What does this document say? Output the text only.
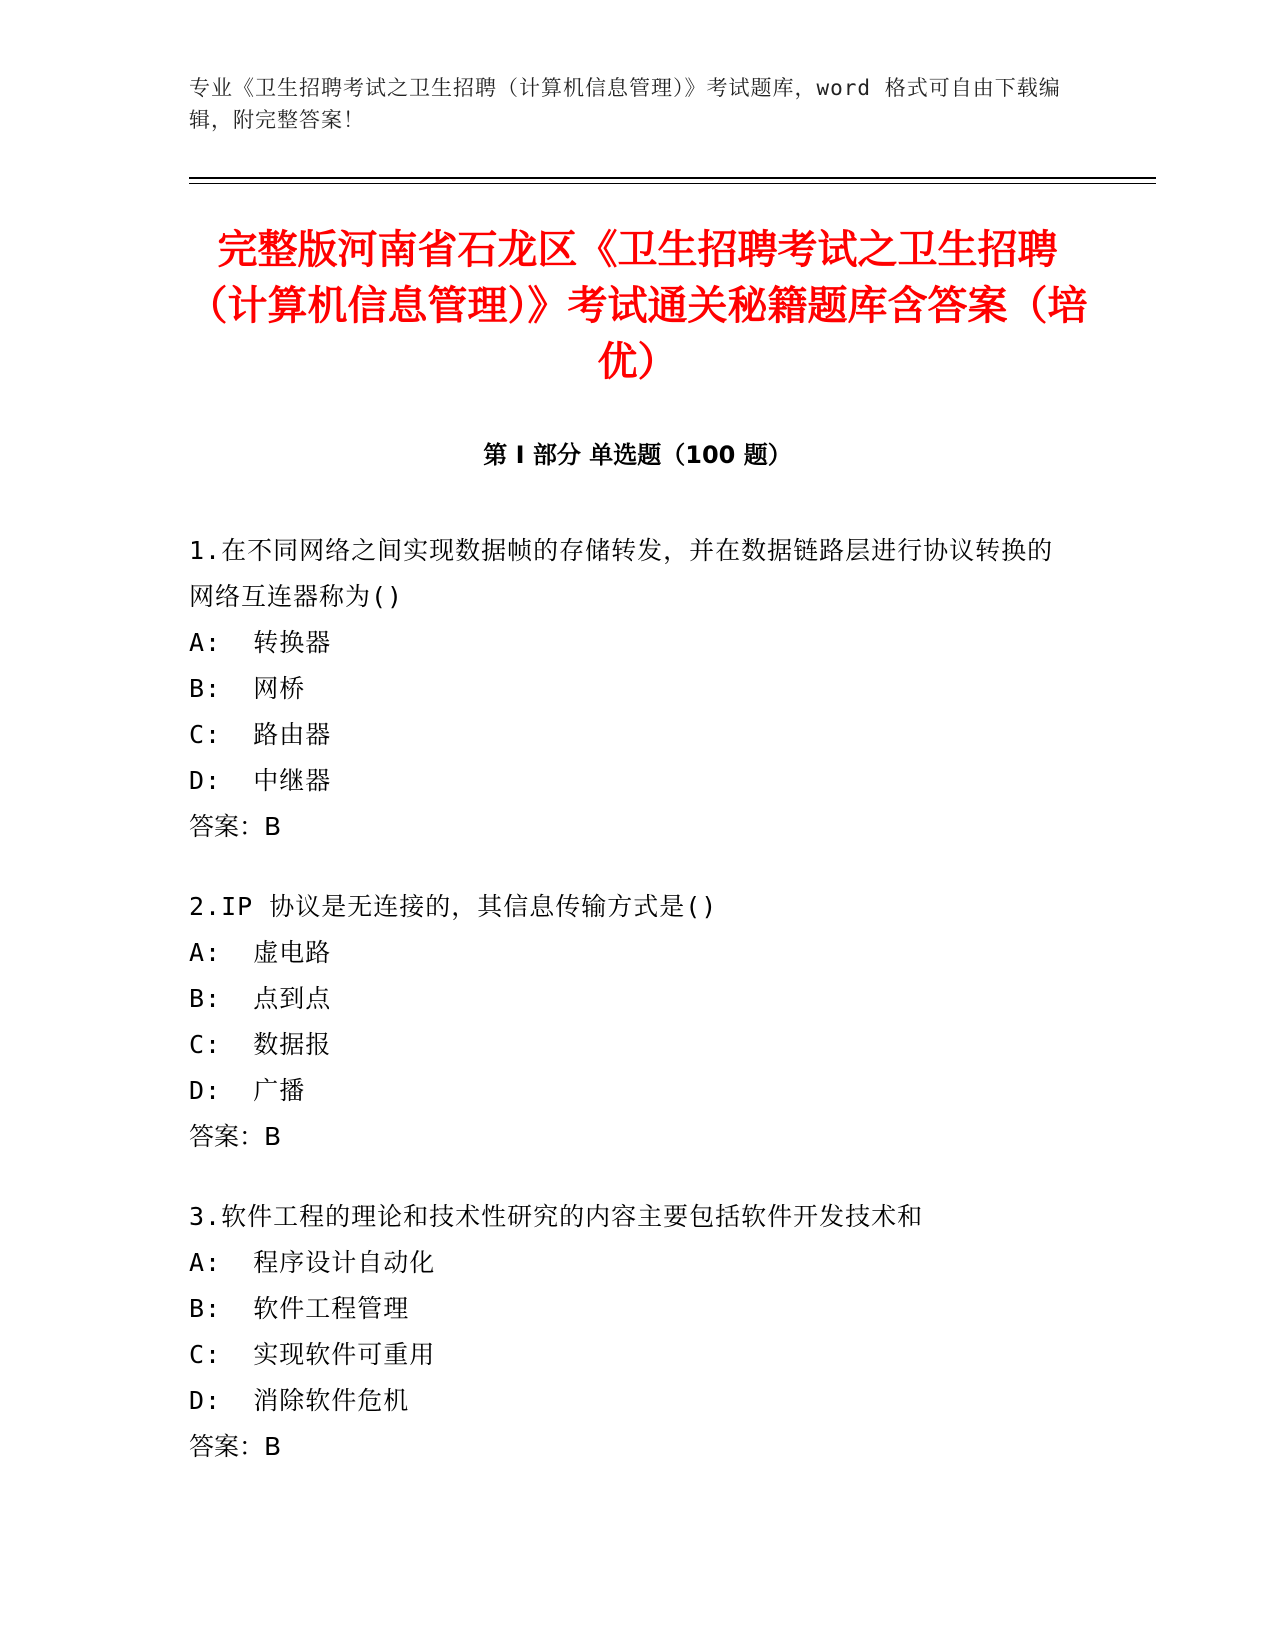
专业《卫生招聘考试之卫生招聘（计算机信息管理）》考试题库，word 格式可自由下载编辑，附完整答案！
完整版河南省石龙区《卫生招聘考试之卫生招聘（计算机信息管理）》考试通关秘籍题库含答案（培优）
第 I 部分 单选题（100 题）
1.在不同网络之间实现数据帧的存储转发，并在数据链路层进行协议转换的网络互连器称为()
A:  转换器
B:  网桥
C:  路由器
D:  中继器
答案：B
2.IP 协议是无连接的，其信息传输方式是()
A:  虚电路
B:  点到点
C:  数据报
D:  广播
答案：B
3.软件工程的理论和技术性研究的内容主要包括软件开发技术和
A:  程序设计自动化
B:  软件工程管理
C:  实现软件可重用
D:  消除软件危机
答案：B
